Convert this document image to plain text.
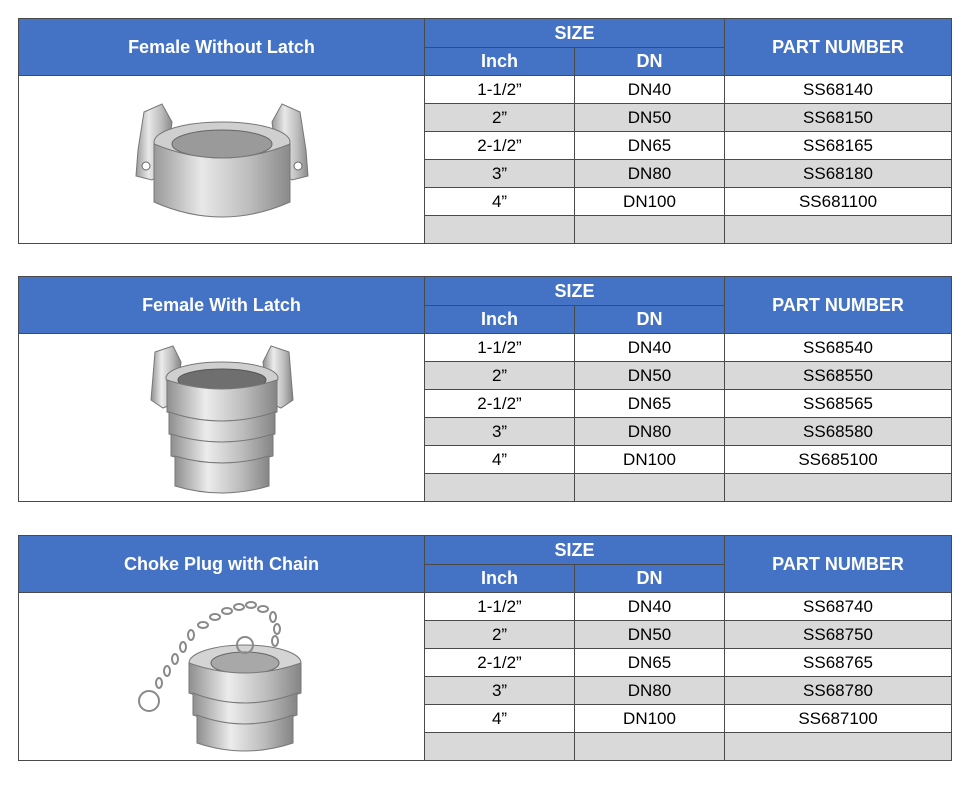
Female Without Latch	SIZE		PART NUMBER
	Inch	DN	

	1-1/2”	DN40	SS68140
	2”	DN50	SS68150
	2-1/2”	DN65	SS68165
	3”	DN80	SS68180
	4”	DN100	SS681100

Female With Latch	SIZE		PART NUMBER
	Inch	DN	

	1-1/2”	DN40	SS68540
	2”	DN50	SS68550
	2-1/2”	DN65	SS68565
	3”	DN80	SS68580
	4”	DN100	SS685100

Choke Plug with Chain	SIZE		PART NUMBER
	Inch	DN	

	1-1/2”	DN40	SS68740
	2”	DN50	SS68750
	2-1/2”	DN65	SS68765
	3”	DN80	SS68780
	4”	DN100	SS687100
